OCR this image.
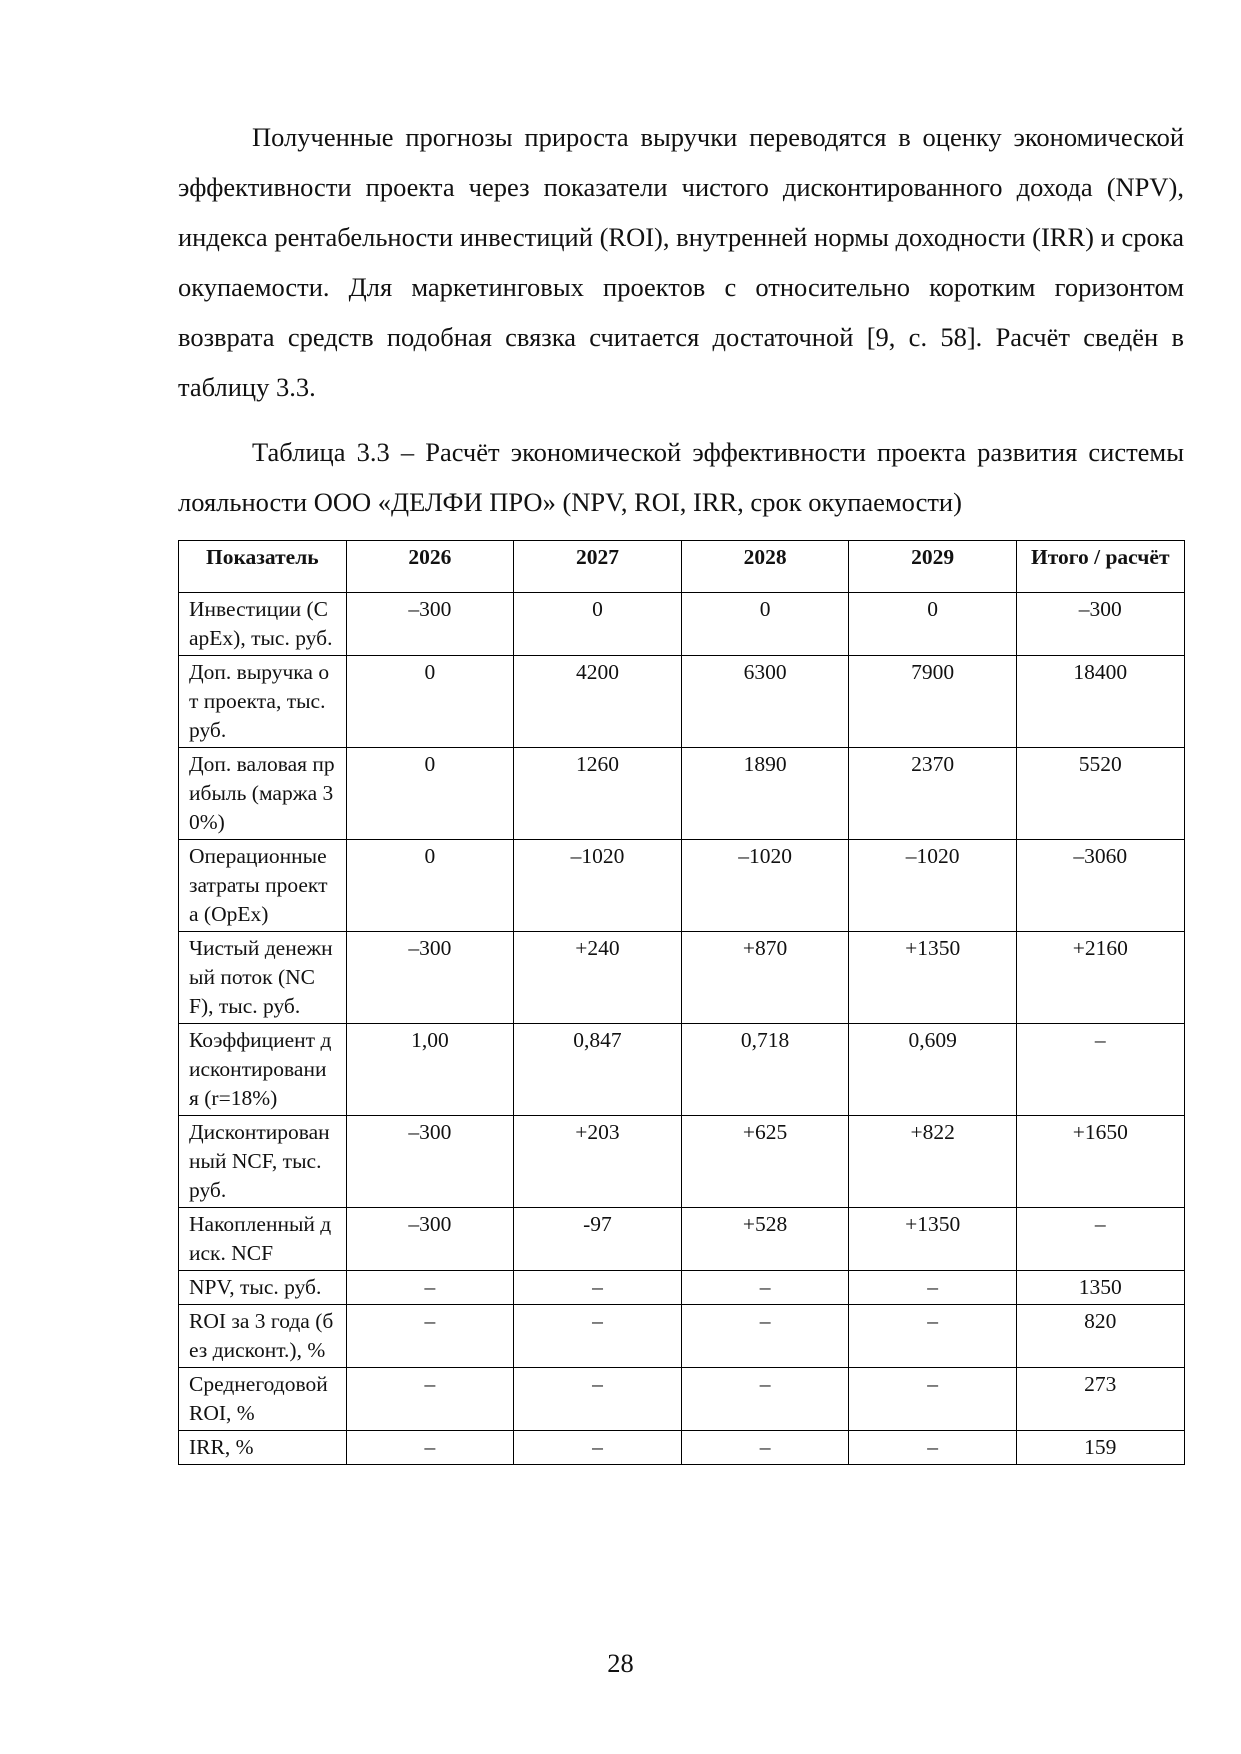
Полученные прогнозы прироста выручки переводятся в оценку экономической эффективности проекта через показатели чистого дисконтированного дохода (NPV), индекса рентабельности инвестиций (ROI), внутренней нормы доходности (IRR) и срока окупаемости. Для маркетинговых проектов с относительно коротким горизонтом возврата средств подобная связка считается достаточной [9, с. 58]. Расчёт сведён в таблицу 3.3.

Таблица 3.3 – Расчёт экономической эффективности проекта развития системы лояльности ООО «ДЕЛФИ ПРО» (NPV, ROI, IRR, срок окупаемости)

Показатель	2026	2027	2028	2029	Итого / расчёт
Инвестиции (CapEx), тыс. руб.	–300	0	0	0	–300
Доп. выручка от проекта, тыс. руб.	0	4200	6300	7900	18400
Доп. валовая прибыль (маржа 30%)	0	1260	1890	2370	5520
Операционные затраты проекта (OpEx)	0	–1020	–1020	–1020	–3060
Чистый денежный поток (NCF), тыс. руб.	–300	+240	+870	+1350	+2160
Коэффициент дисконтирования (r=18%)	1,00	0,847	0,718	0,609	–
Дисконтированный NCF, тыс. руб.	–300	+203	+625	+822	+1650
Накопленный диск. NCF	–300	-97	+528	+1350	–
NPV, тыс. руб.	–	–	–	–	1350
ROI за 3 года (без дисконт.), %	–	–	–	–	820
Среднегодовой ROI, %	–	–	–	–	273
IRR, %	–	–	–	–	159
28
